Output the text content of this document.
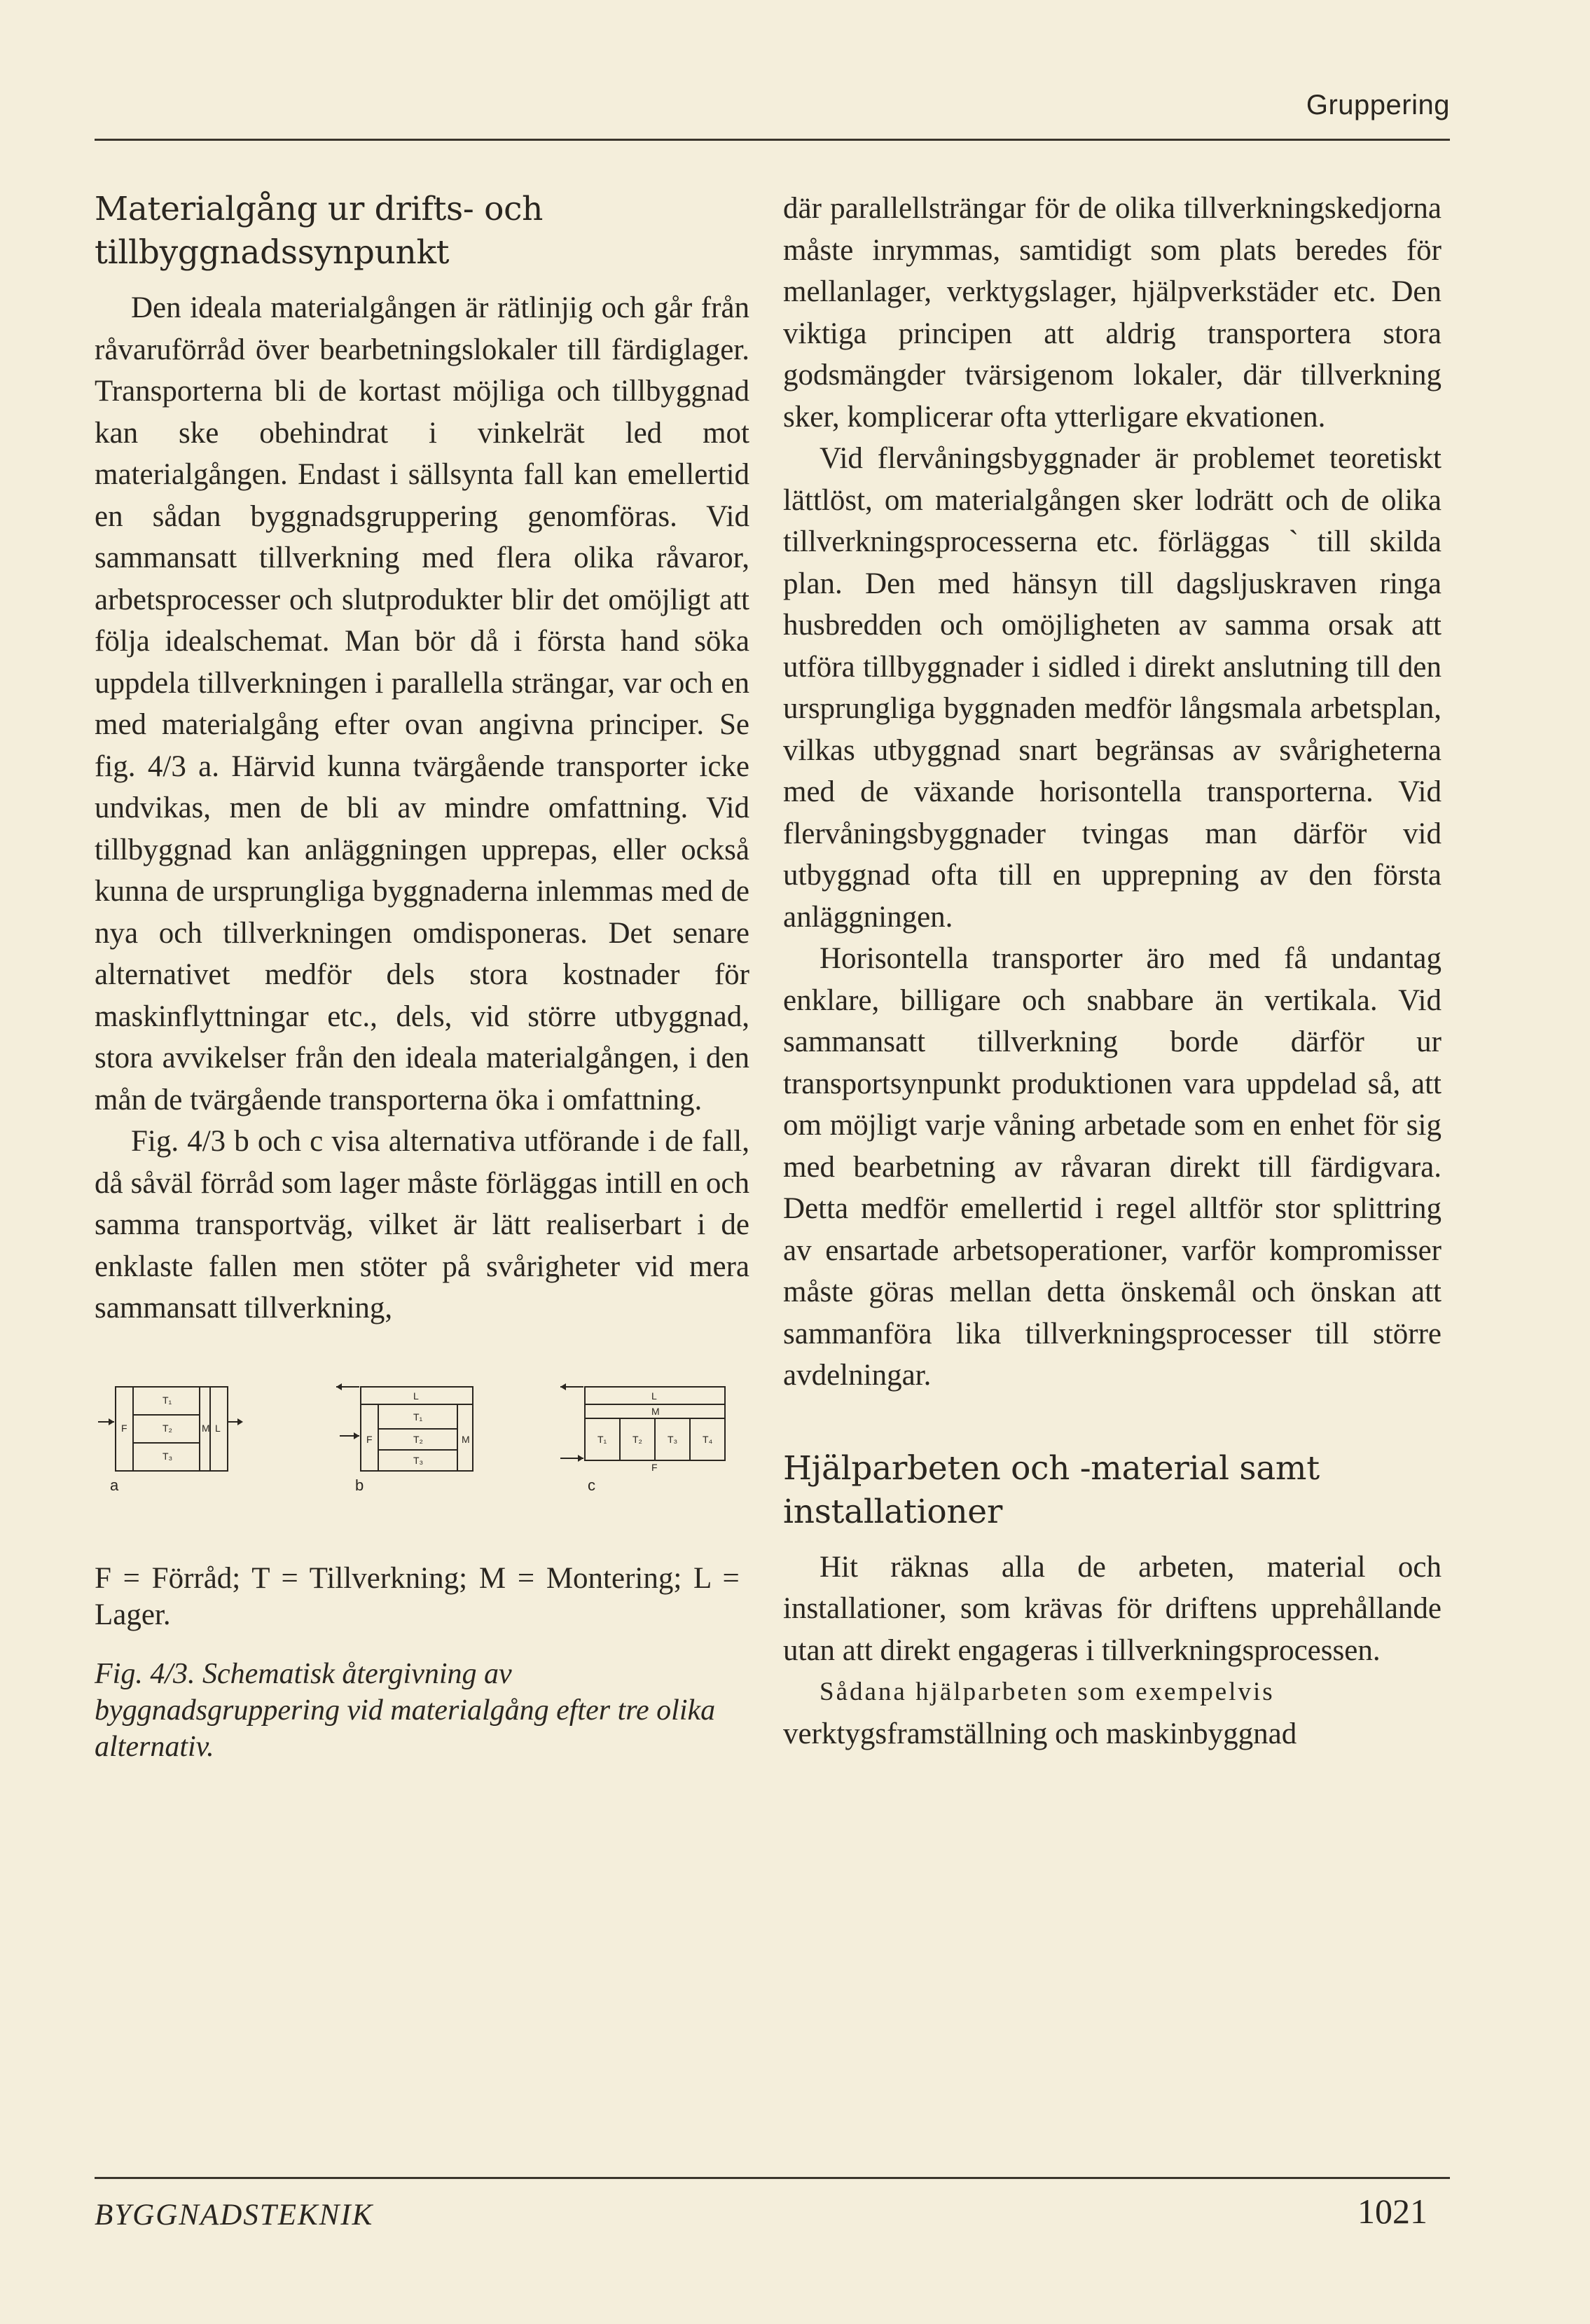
Gruppering
Materialgång ur drifts- och tillbyggnadssynpunkt

Den ideala materialgången är rätlinjig och går från råvaruförråd över bearbetningslokaler till färdiglager. Transporterna bli de kortast möjliga och tillbyggnad kan ske obehindrat i vinkelrät led mot materialgången. Endast i sällsynta fall kan emellertid en sådan byggnadsgruppering genomföras. Vid sammansatt tillverkning med flera olika råvaror, arbetsprocesser och slutprodukter blir det omöjligt att följa idealschemat. Man bör då i första hand söka uppdela tillverkningen i parallella strängar, var och en med materialgång efter ovan angivna principer. Se fig. 4/3 a. Härvid kunna tvärgående transporter icke undvikas, men de bli av mindre omfattning. Vid tillbyggnad kan anläggningen upprepas, eller också kunna de ursprungliga byggnaderna inlemmas med de nya och tillverkningen omdisponeras. Det senare alternativet medför dels stora kostnader för maskinflyttningar etc., dels, vid större utbyggnad, stora avvikelser från den ideala materialgången, i den mån de tvärgående transporterna öka i omfattning.

Fig. 4/3 b och c visa alternativa utförande i de fall, då såväl förråd som lager måste förläggas intill en och samma transportväg, vilket är lätt realiserbart i de enklaste fallen men stöter på svårigheter vid mera sammansatt tillverkning,

T₁
T₂
T₃
F	M L
L
T₁
T₂
T₃
F	M
L
M
T₁	T₂	T₃	T₄
F
a	b	c

F = Förråd; T = Tillverkning; M = Montering; L = Lager.

Fig. 4/3. Schematisk återgivning av byggnadsgruppering vid materialgång efter tre olika alternativ.

där parallellsträngar för de olika tillverkningskedjorna måste inrymmas, samtidigt som plats beredes för mellanlager, verktygslager, hjälpverkstäder etc. Den viktiga principen att aldrig transportera stora godsmängder tvärsigenom lokaler, där tillverkning sker, komplicerar ofta ytterligare ekvationen.

Vid flervåningsbyggnader är problemet teoretiskt lättlöst, om materialgången sker lodrätt och de olika tillverkningsprocesserna etc. förläggas ` till skilda plan. Den med hänsyn till dagsljuskraven ringa husbredden och omöjligheten av samma orsak att utföra tillbyggnader i sidled i direkt anslutning till den ursprungliga byggnaden medför långsmala arbetsplan, vilkas utbyggnad snart begränsas av svårigheterna med de växande horisontella transporterna. Vid flervåningsbyggnader tvingas man därför vid utbyggnad ofta till en upprepning av den första anläggningen.

Horisontella transporter äro med få undantag enklare, billigare och snabbare än vertikala. Vid sammansatt tillverkning borde därför ur transportsynpunkt produktionen vara uppdelad så, att om möjligt varje våning arbetade som en enhet för sig med bearbetning av råvaran direkt till färdigvara. Detta medför emellertid i regel alltför stor splittring av ensartade arbetsoperationer, varför kompromisser måste göras mellan detta önskemål och önskan att sammanföra lika tillverkningsprocesser till större avdelningar.

Hjälparbeten och -material samt installationer

Hit räknas alla de arbeten, material och installationer, som krävas för driftens upprehållande utan att direkt engageras i tillverkningsprocessen.

Sådana hjälparbeten som exempelvis

verktygsframställning och maskinbyggnad

BYGGNADSTEKNIK	1021
